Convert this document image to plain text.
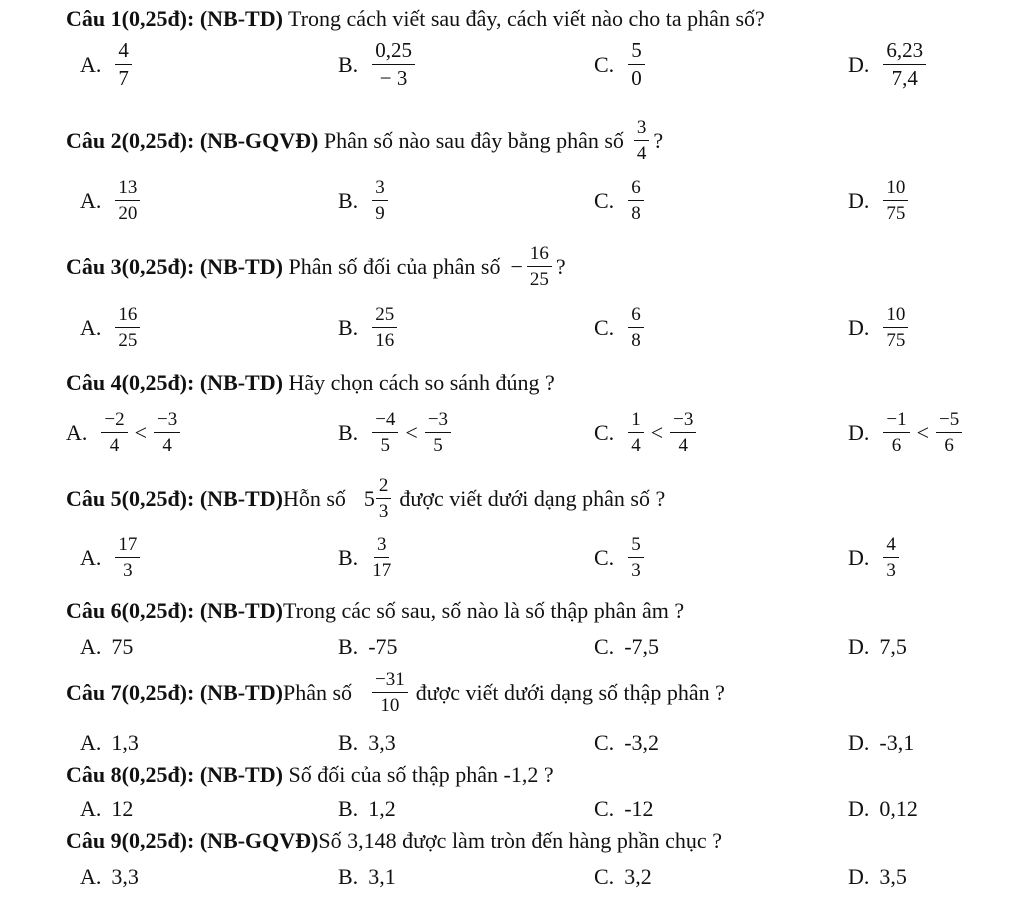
Câu 1(0,25đ): (NB-TD) Trong cách viết sau đây, cách viết nào cho ta phân số?
A. $\frac{4}{7}$	B. $\frac{0,25}{- 3}$	C. $\frac{5}{0}$	D. $\frac{6,23}{7,4}$
Câu 2(0,25đ): (NB-GQVĐ) Phân số nào sau đây bằng phân số $\frac{3}{4}$ ?
A. $\frac{13}{20}$	B. $\frac{3}{9}$	C. $\frac{6}{8}$	D. $\frac{10}{75}$
Câu 3(0,25đ): (NB-TD) Phân số đối của phân số − $\frac{16}{25}$ ?
A. $\frac{16}{25}$	B. $\frac{25}{16}$	C. $\frac{6}{8}$	D. $\frac{10}{75}$
Câu 4(0,25đ): (NB-TD) Hãy chọn cách so sánh đúng ?
A. $\frac{-2}{4} < \frac{-3}{4}$	B. $\frac{-4}{5} < \frac{-3}{5}$	C. $\frac{1}{4} < \frac{-3}{4}$	D. $\frac{-1}{6} < \frac{-5}{6}$
Câu 5(0,25đ): (NB-TD) Hỗn số $5 \frac{2}{3}$ được viết dưới dạng phân số ?
A. $\frac{17}{3}$	B. $\frac{3}{17}$	C. $\frac{5}{3}$	D. $\frac{4}{3}$
Câu 6(0,25đ): (NB-TD) Trong các số sau, số nào là số thập phân âm ?
A. 75	B. -75	C. -7,5	D. 7,5
Câu 7(0,25đ): (NB-TD) Phân số $\frac{-31}{10}$ được viết dưới dạng số thập phân ?
A. 1,3	B. 3,3	C. -3,2	D. -3,1
Câu 8(0,25đ): (NB-TD) Số đối của số thập phân -1,2 ?
A. 12	B. 1,2	C. -12	D. 0,12
Câu 9(0,25đ): (NB-GQVĐ) Số 3,148 được làm tròn đến hàng phần chục ?
A. 3,3	B. 3,1	C. 3,2	D. 3,5
